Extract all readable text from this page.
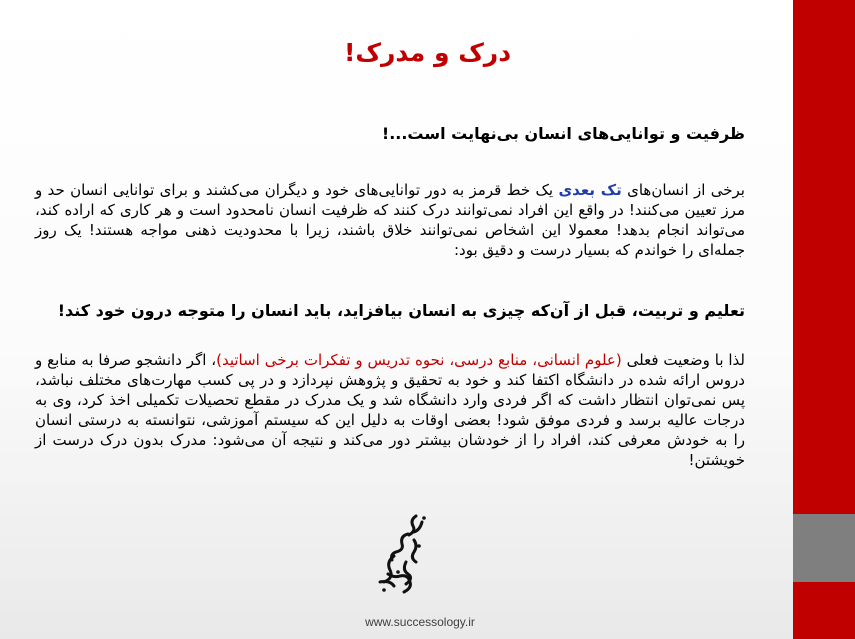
درک و مدرک!

ظرفیت و توانایی‌های انسان بی‌نهایت است...!

برخی از انسان‌های تک بعدی یک خط قرمز به دور توانایی‌های خود و دیگران می‌کشند و برای توانایی انسان حد و مرز تعیین می‌کنند! در واقع این افراد نمی‌توانند درک کنند که ظرفیت انسان نامحدود است و هر کاری که اراده کند، می‌تواند انجام بدهد! معمولا این اشخاص نمی‌توانند خلاق باشند، زیرا با محدودیت ذهنی مواجه هستند! یک روز جمله‌ای را خواندم که بسیار درست و دقیق بود:

تعلیم و تربیت، قبل از آن‌که چیزی به انسان بیافزاید، باید انسان را متوجه درون خود کند!

لذا با وضعیت فعلی (علوم انسانی، منابع درسی، نحوه تدریس و تفکرات برخی اساتید)، اگر دانشجو صرفا به منابع و دروس ارائه شده در دانشگاه اکتفا کند و خود به تحقیق و پژوهش نپردازد و در پی کسب مهارت‌های مختلف نباشد، پس نمی‌توان انتظار داشت که اگر فردی وارد دانشگاه شد و یک مدرک در مقطع تحصیلات تکمیلی اخذ کرد، وی به درجات عالیه برسد و فردی موفق شود! بعضی اوقات به دلیل این که سیستم آموزشی، نتوانسته به درستی انسان را به خودش معرفی کند، افراد را از خودشان بیشتر دور می‌کند و نتیجه آن می‌شود: مدرک بدون درک درست از خویشتن!

www.successology.ir
